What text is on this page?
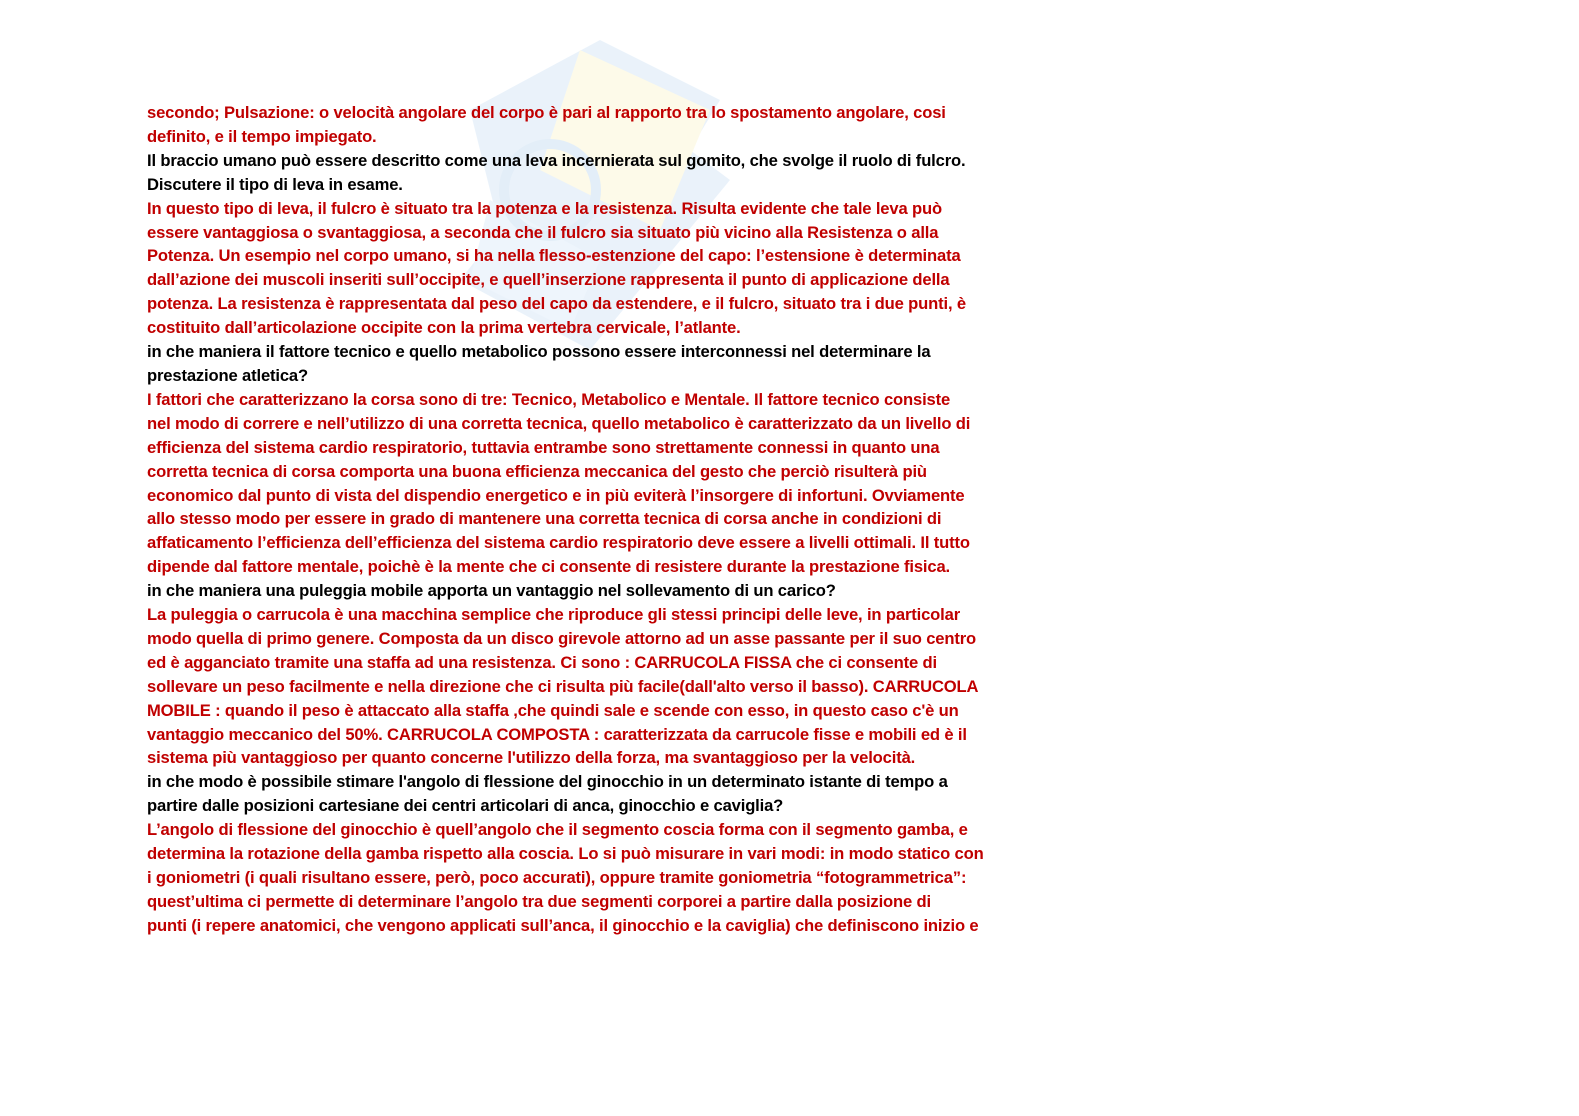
secondo; Pulsazione: o velocità angolare del corpo è pari al rapporto tra lo spostamento angolare, cosi
definito, e il tempo impiegato.
Il braccio umano può essere descritto come una leva incernierata sul gomito, che svolge il ruolo di fulcro.
Discutere il tipo di leva in esame.
In questo tipo di leva, il fulcro è situato tra la potenza e la resistenza. Risulta evidente che tale leva può
essere vantaggiosa o svantaggiosa, a seconda che il fulcro sia situato più vicino alla Resistenza o alla
Potenza. Un esempio nel corpo umano, si ha nella flesso-estenzione del capo: l’estensione è determinata
dall’azione dei muscoli inseriti sull’occipite, e quell’inserzione rappresenta il punto di applicazione della
potenza. La resistenza è rappresentata dal peso del capo da estendere, e il fulcro, situato tra i due punti, è
costituito dall’articolazione occipite con la prima vertebra cervicale, l’atlante.
in che maniera il fattore tecnico e quello metabolico possono essere interconnessi nel determinare la
prestazione atletica?
I fattori che caratterizzano la corsa sono di tre: Tecnico, Metabolico e Mentale. Il fattore tecnico consiste
nel modo di correre e nell’utilizzo di una corretta tecnica, quello metabolico è caratterizzato da un livello di
efficienza del sistema cardio respiratorio, tuttavia entrambe sono strettamente connessi in quanto una
corretta tecnica di corsa comporta una buona efficienza meccanica del gesto che perciò risulterà più
economico dal punto di vista del dispendio energetico e in più eviterà l’insorgere di infortuni. Ovviamente
allo stesso modo per essere in grado di mantenere una corretta tecnica di corsa anche in condizioni di
affaticamento l’efficienza dell’efficienza del sistema cardio respiratorio deve essere a livelli ottimali. Il tutto
dipende dal fattore mentale, poichè è la mente che ci consente di resistere durante la prestazione fisica.
in che maniera una puleggia mobile apporta un vantaggio nel sollevamento di un carico?
La puleggia o carrucola è una macchina semplice che riproduce gli stessi principi delle leve, in particolar
modo quella di primo genere. Composta da un disco girevole attorno ad un asse passante per il suo centro
ed è agganciato tramite una staffa ad una resistenza. Ci sono : CARRUCOLA FISSA che ci consente di
sollevare un peso facilmente e nella direzione che ci risulta più facile(dall'alto verso il basso). CARRUCOLA
MOBILE : quando il peso è attaccato alla staffa ,che quindi sale e scende con esso, in questo caso c'è un
vantaggio meccanico del 50%. CARRUCOLA COMPOSTA : caratterizzata da carrucole fisse e mobili ed è il
sistema più vantaggioso per quanto concerne l'utilizzo della forza, ma svantaggioso per la velocità.
in che modo è possibile stimare l'angolo di flessione del ginocchio in un determinato istante di tempo a
partire dalle posizioni cartesiane dei centri articolari di anca, ginocchio e caviglia?
L’angolo di flessione del ginocchio è quell’angolo che il segmento coscia forma con il segmento gamba, e
determina la rotazione della gamba rispetto alla coscia. Lo si può misurare in vari modi: in modo statico con
i goniometri (i quali risultano essere, però, poco accurati), oppure tramite goniometria “fotogrammetrica”:
quest’ultima ci permette di determinare l’angolo tra due segmenti corporei a partire dalla posizione di
punti (i repere anatomici, che vengono applicati sull’anca, il ginocchio e la caviglia) che definiscono inizio e
